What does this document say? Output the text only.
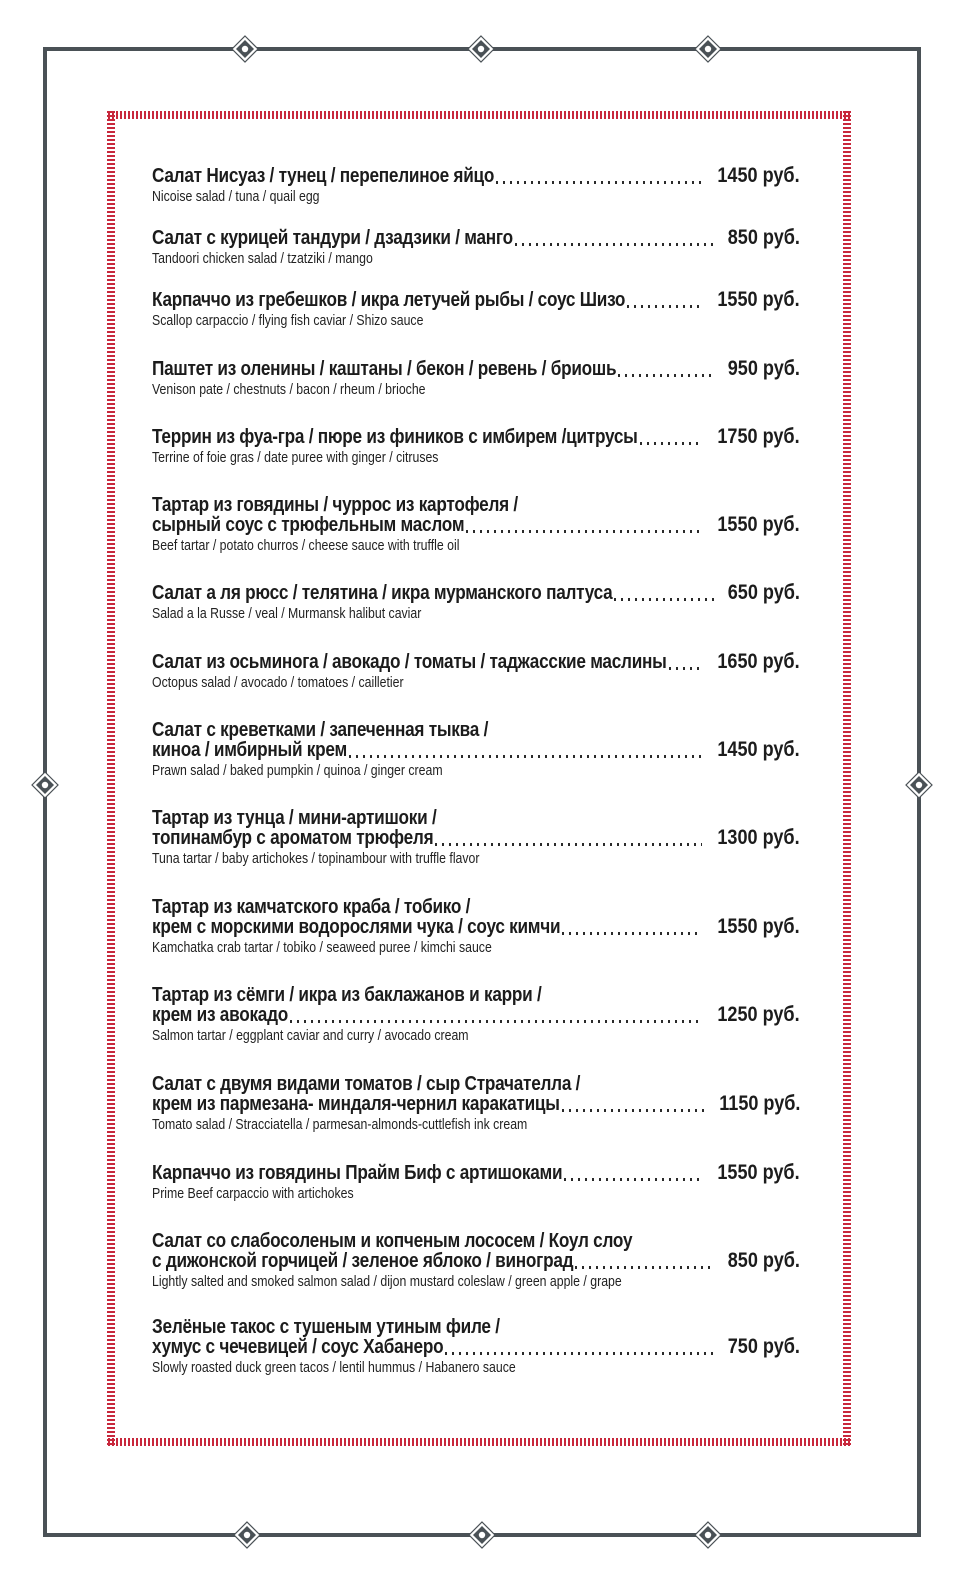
Салат Нисуаз / тунец / перепелиное яйцо	1450 руб.
Nicoise salad / tuna / quail egg
Салат с курицей тандури / дзадзики / манго	850 руб.
Tandoori chicken salad / tzatziki / mango
Карпаччо из гребешков / икра летучей рыбы / соус Шизо	1550 руб.
Scallop carpaccio / flying fish caviar / Shizo sauce
Паштет из оленины / каштаны / бекон / ревень / бриошь	950 руб.
Venison pate / chestnuts / bacon / rheum / brioche
Террин из фуа-гра / пюре из фиников с имбирем /цитрусы	1750 руб.
Terrine of foie gras / date puree with ginger / citruses
Тартар из говядины / чуррос из картофеля /
сырный соус с трюфельным маслом	1550 руб.
Beef tartar / potato churros / cheese sauce with truffle oil
Салат а ля рюсс / телятина / икра мурманского палтуса	650 руб.
Salad a la Russe / veal / Murmansk halibut caviar
Салат из осьминога / авокадо / томаты / таджасские маслины 1650 руб.
Octopus salad / avocado / tomatoes / cailletier
Салат с креветками / запеченная тыква /
киноа / имбирный крем	1450 руб.
Prawn salad / baked pumpkin / quinoa / ginger cream
Тартар из тунца / мини-артишоки /
топинамбур с ароматом трюфеля	1300 руб.
Tuna tartar / baby artichokes / topinambour with truffle flavor
Тартар из камчатского краба / тобико /
крем с морскими водорослями чука / соус кимчи	1550 руб.
Kamchatka crab tartar / tobiko / seaweed puree / kimchi sauce
Тартар из сёмги / икра из баклажанов и карри /
крем из авокадо	1250 руб.
Salmon tartar / eggplant caviar and curry / avocado cream
Салат с двумя видами томатов / сыр Страчателла /
крем из пармезана- миндаля-чернил каракатицы	1150 руб.
Tomato salad / Stracciatella / parmesan-almonds-cuttlefish ink cream
Карпаччо из говядины Прайм Биф с артишоками	1550 руб.
Prime Beef carpaccio with artichokes
Салат со слабосоленым и копченым лососем / Коул слоу
с дижонской горчицей / зеленое яблоко / виноград	850 руб.
Lightly salted and smoked salmon salad / dijon mustard coleslaw / green apple / grape
Зелёные такос с тушеным утиным филе /
хумус с чечевицей / соус Хабанеро	750 руб.
Slowly roasted duck green tacos / lentil hummus / Habanero sauce
